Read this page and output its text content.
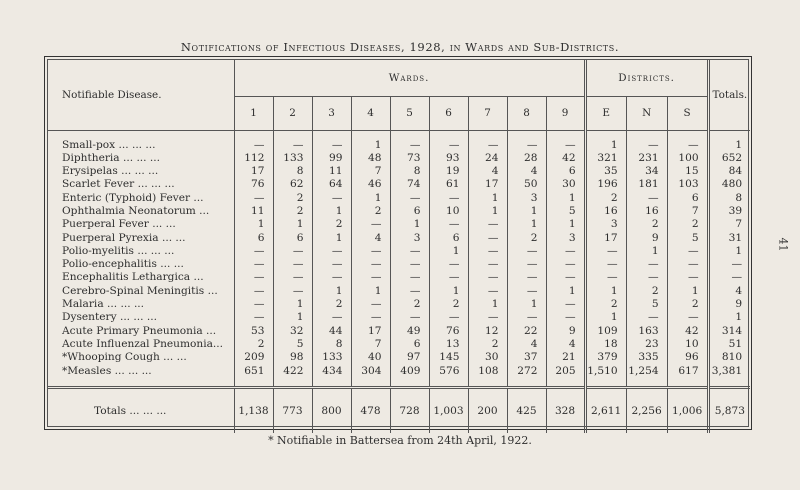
Notifications of Infectious Diseases, 1928, in Wards and Sub-Districts.
41
Notifiable Disease.	Wards.									Districts.			Totals.
	1	2	3	4	5	6	7	8	9	E	N	S	

Small-pox ... ... ...	—	—	—	1	—	—	—	—	—	1	—	—	1
Diphtheria ... ... ...	112	133	99	48	73	93	24	28	42	321	231	100	652
Erysipelas ... ... ...	17	8	11	7	8	19	4	4	6	35	34	15	84
Scarlet Fever ... ... ...	76	62	64	46	74	61	17	50	30	196	181	103	480
Enteric (Typhoid) Fever ...	—	2	—	1	—	—	1	3	1	2	—	6	8
Ophthalmia Neonatorum ...	11	2	1	2	6	10	1	1	5	16	16	7	39
Puerperal Fever ... ...	1	1	2	—	1	—	—	1	1	3	2	2	7
Puerperal Pyrexia ... ...	6	6	1	4	3	6	—	2	3	17	9	5	31
Polio-myelitis ... ... ...	—	—	—	—	—	1	—	—	—	—	1	—	1
Polio-encephalitis ... ...	—	—	—	—	—	—	—	—	—	—	—	—	—
Encephalitis Lethargica ...	—	—	—	—	—	—	—	—	—	—	—	—	—
Cerebro-Spinal Meningitis ...	—	—	1	1	—	1	—	—	1	1	2	1	4
Malaria ... ... ...	—	1	2	—	2	2	1	1	—	2	5	2	9
Dysentery ... ... ...	—	1	—	—	—	—	—	—	—	1	—	—	1
Acute Primary Pneumonia ...	53	32	44	17	49	76	12	22	9	109	163	42	314
Acute Influenzal Pneumonia...	2	5	8	7	6	13	2	4	4	18	23	10	51
*Whooping Cough ... ...	209	98	133	40	97	145	30	37	21	379	335	96	810
*Measles ... ... ...	651	422	434	304	409	576	108	272	205	1,510	1,254	617	3,381

Totals ... ... ...	1,138	773	800	478	728	1,003	200	425	328	2,611	2,256	1,006	5,873
* Notifiable in Battersea from 24th April, 1922.
